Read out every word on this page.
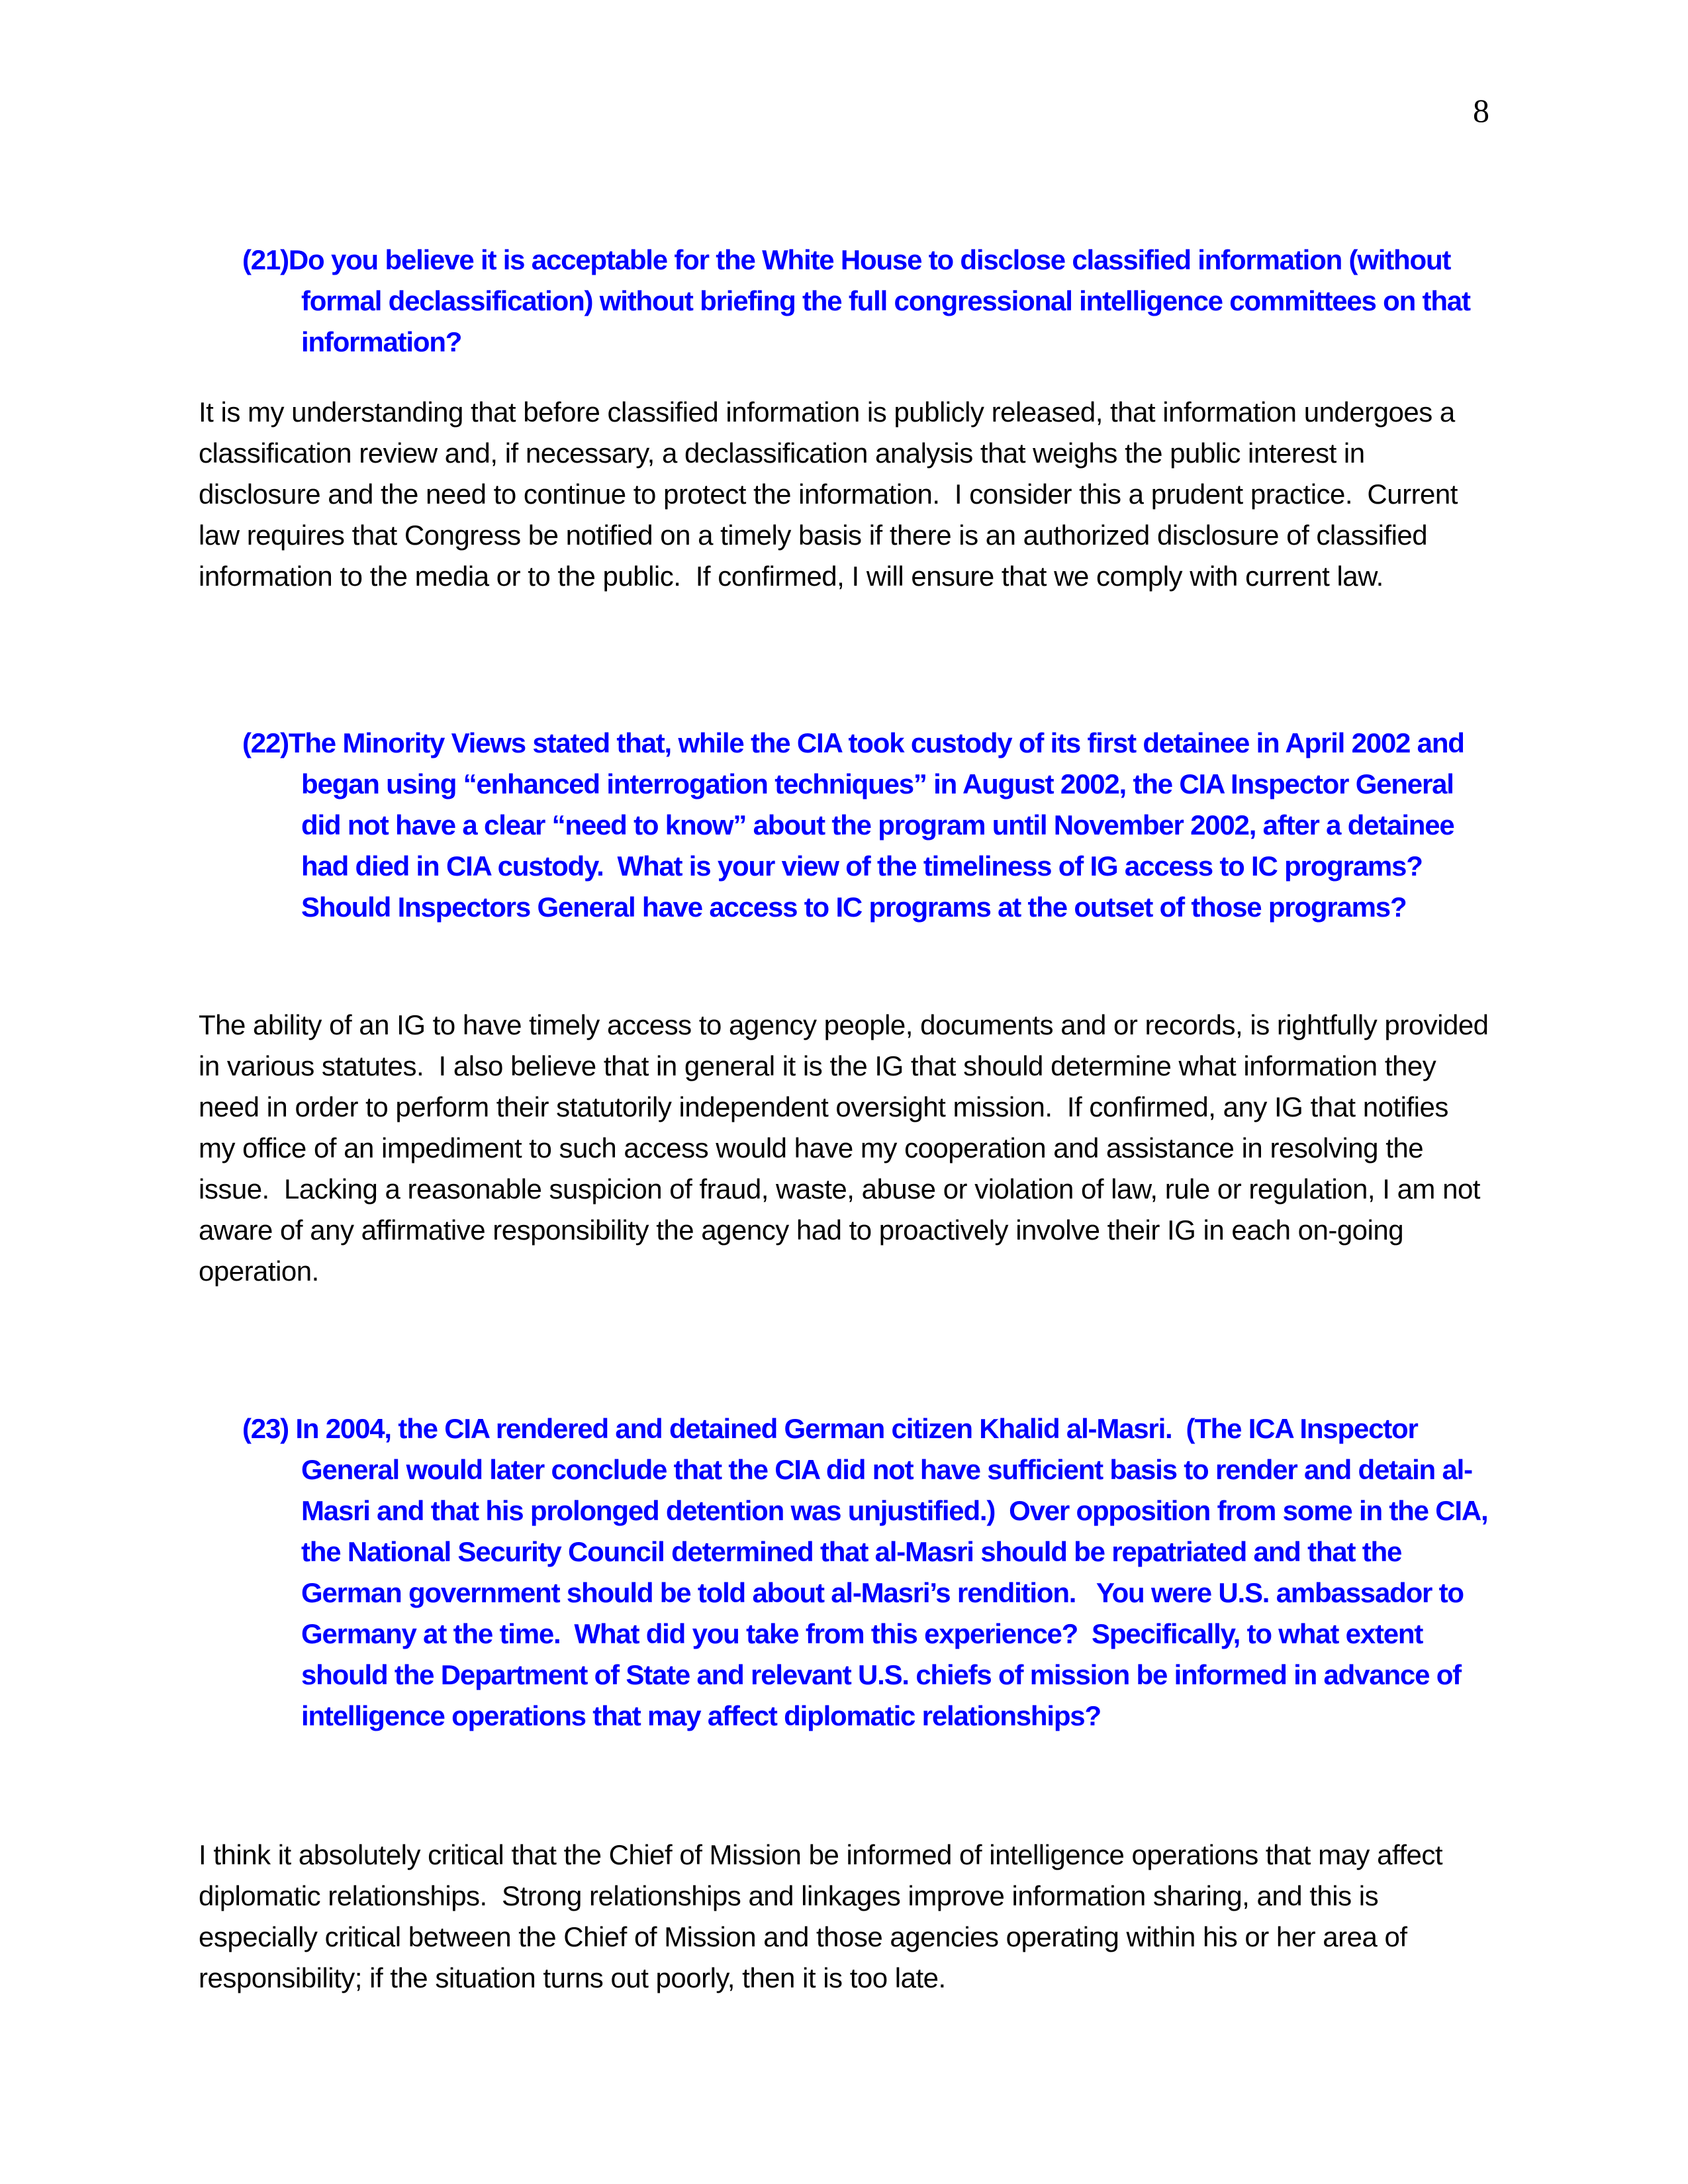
8
(21)Do you believe it is acceptable for the White House to disclose classified information (without formal declassification) without briefing the full congressional intelligence committees on that information?
It is my understanding that before classified information is publicly released, that information undergoes a classification review and, if necessary, a declassification analysis that weighs the public interest in disclosure and the need to continue to protect the information.  I consider this a prudent practice.  Current law requires that Congress be notified on a timely basis if there is an authorized disclosure of classified information to the media or to the public.  If confirmed, I will ensure that we comply with current law.
(22)The Minority Views stated that, while the CIA took custody of its first detainee in April 2002 and began using “enhanced interrogation techniques” in August 2002, the CIA Inspector General did not have a clear “need to know” about the program until November 2002, after a detainee had died in CIA custody.  What is your view of the timeliness of IG access to IC programs?  Should Inspectors General have access to IC programs at the outset of those programs?
The ability of an IG to have timely access to agency people, documents and or records, is rightfully provided in various statutes.  I also believe that in general it is the IG that should determine what information they need in order to perform their statutorily independent oversight mission.  If confirmed, any IG that notifies my office of an impediment to such access would have my cooperation and assistance in resolving the issue.  Lacking a reasonable suspicion of fraud, waste, abuse or violation of law, rule or regulation, I am not aware of any affirmative responsibility the agency had to proactively involve their IG in each on-going operation.
(23) In 2004, the CIA rendered and detained German citizen Khalid al-Masri.  (The ICA Inspector General would later conclude that the CIA did not have sufficient basis to render and detain al-Masri and that his prolonged detention was unjustified.)  Over opposition from some in the CIA, the National Security Council determined that al-Masri should be repatriated and that the German government should be told about al-Masri’s rendition.   You were U.S. ambassador to Germany at the time.  What did you take from this experience?  Specifically, to what extent should the Department of State and relevant U.S. chiefs of mission be informed in advance of intelligence operations that may affect diplomatic relationships?
I think it absolutely critical that the Chief of Mission be informed of intelligence operations that may affect diplomatic relationships.  Strong relationships and linkages improve information sharing, and this is especially critical between the Chief of Mission and those agencies operating within his or her area of responsibility; if the situation turns out poorly, then it is too late.
